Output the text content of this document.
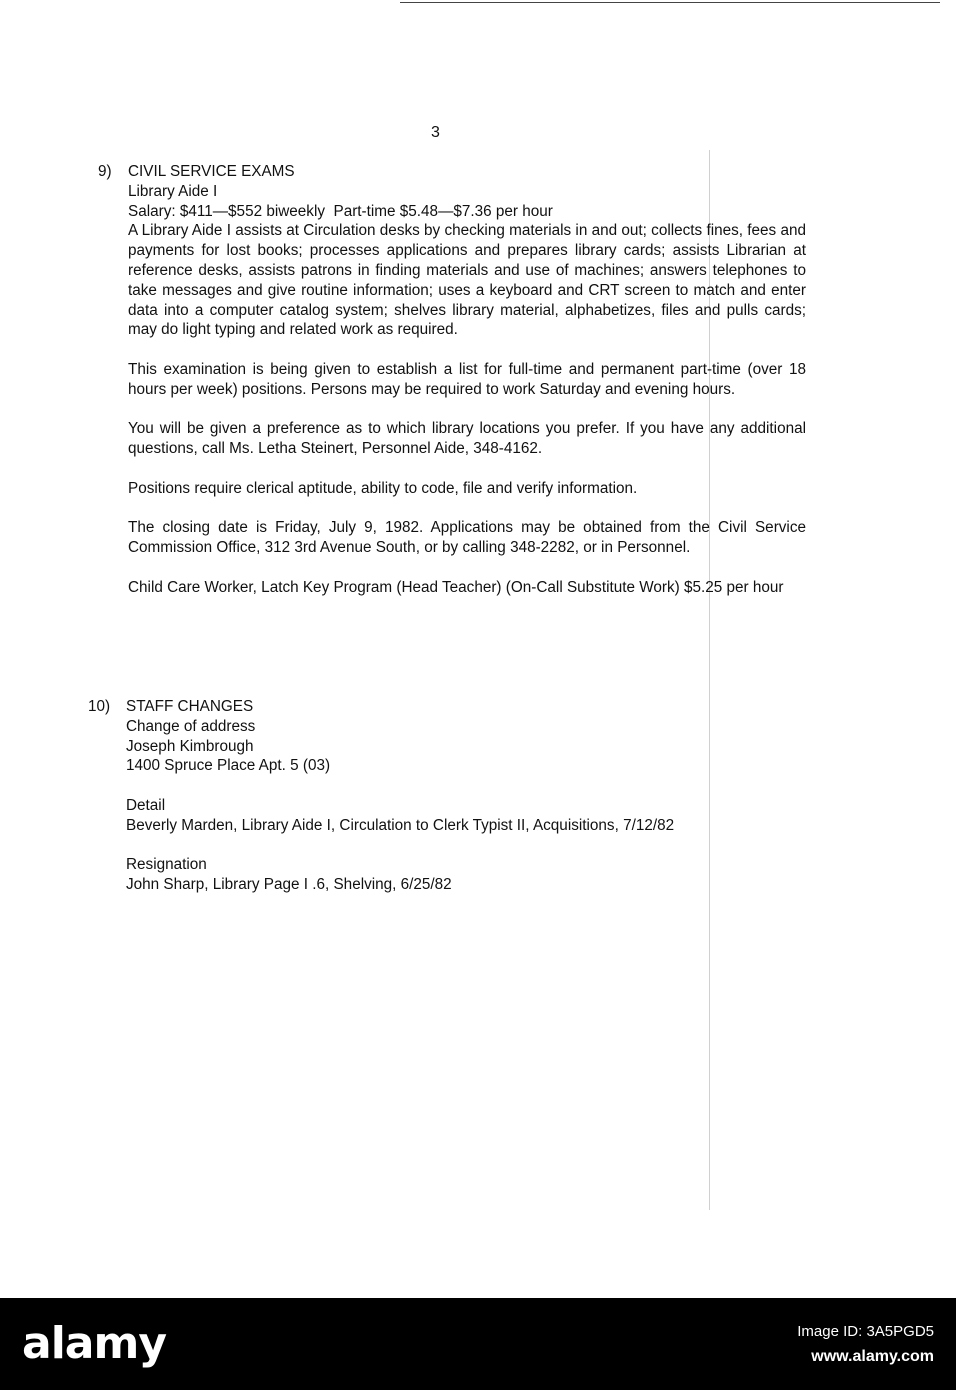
3
9) CIVIL SERVICE EXAMS

Library Aide I

Salary: $411—$552 biweekly  Part-time $5.48—$7.36 per hour

A Library Aide I assists at Circulation desks by checking materials in and out; collects fines, fees and payments for lost books; processes applications and prepares library cards; assists Librarian at reference desks, assists patrons in finding materials and use of machines; answers telephones to take messages and give routine information; uses a keyboard and CRT screen to match and enter data into a computer catalog system; shelves library material, alphabetizes, files and pulls cards; may do light typing and related work as required.

This examination is being given to establish a list for full-time and permanent part-time (over 18 hours per week) positions. Persons may be required to work Saturday and evening hours.

You will be given a preference as to which library locations you prefer. If you have any additional questions, call Ms. Letha Steinert, Personnel Aide, 348-4162.

Positions require clerical aptitude, ability to code, file and verify information.

The closing date is Friday, July 9, 1982. Applications may be obtained from the Civil Service Commission Office, 312 3rd Avenue South, or by calling 348-2282, or in Personnel.

Child Care Worker, Latch Key Program (Head Teacher) (On-Call Substitute Work) $5.25 per hour

10) STAFF CHANGES

Change of address

Joseph Kimbrough

1400 Spruce Place Apt. 5 (03)

Detail

Beverly Marden, Library Aide I, Circulation to Clerk Typist II, Acquisitions, 7/12/82

Resignation

John Sharp, Library Page I .6, Shelving, 6/25/82

alamy	Image ID: 3A5PGD5
www.alamy.com
